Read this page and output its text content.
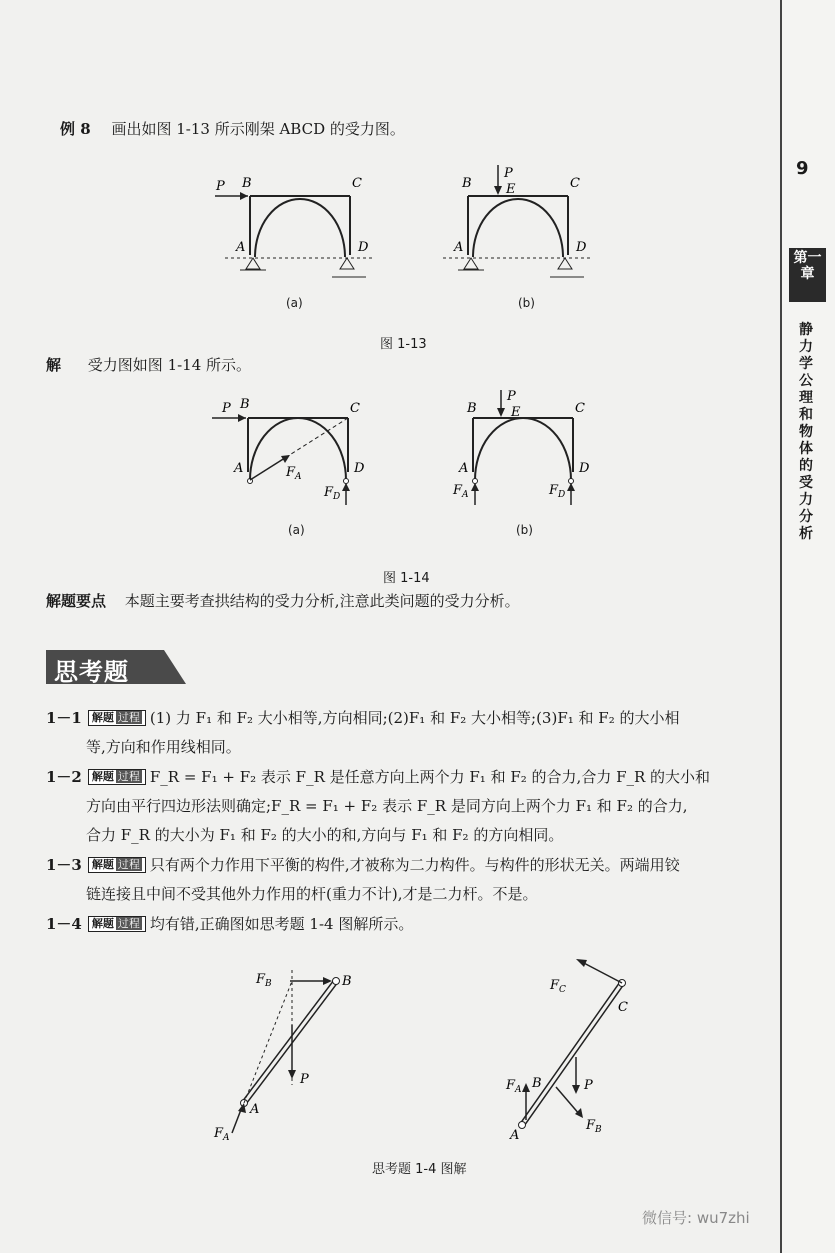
9
第一章
静力学公理和物体的受力分析
例 8 画出如图 1-13 所示刚架 ABCD 的受力图。
P B	C
A	D
(a)
P
E
B	C
A	D
(b)
图 1-13
解 受力图如图 1-14 所示。
P B	C
A	D
$F_A$
$F_D$
(a)
P
E
B	C
A	D
$F_A$	$F_D$
(b)
图 1-14
解题要点 本题主要考查拱结构的受力分析,注意此类问题的受力分析。
思考题
1－1 解题 过程 (1) 力 F₁ 和 F₂ 大小相等,方向相同;(2)F₁ 和 F₂ 大小相等;(3)F₁ 和 F₂ 的大小相
等,方向和作用线相同。
1－2 解题 过程 F_R = F₁ + F₂ 表示 F_R 是任意方向上两个力 F₁ 和 F₂ 的合力,合力 F_R 的大小和
方向由平行四边形法则确定;F_R = F₁ + F₂ 表示 F_R 是同方向上两个力 F₁ 和 F₂ 的合力,
合力 F_R 的大小为 F₁ 和 F₂ 的大小的和,方向与 F₁ 和 F₂ 的方向相同。
1－3 解题 过程 只有两个力作用下平衡的构件,才被称为二力构件。与构件的形状无关。两端用铰
链连接且中间不受其他外力作用的杆(重力不计),才是二力杆。不是。
1－4 解题 过程 均有错,正确图如思考题 1-4 图解所示。
$F_B$	B
P
A
$F_A$
$F_C$
C
P
B
$F_A$
A
$F_B$
思考题 1-4 图解
微信号: wu7zhi
